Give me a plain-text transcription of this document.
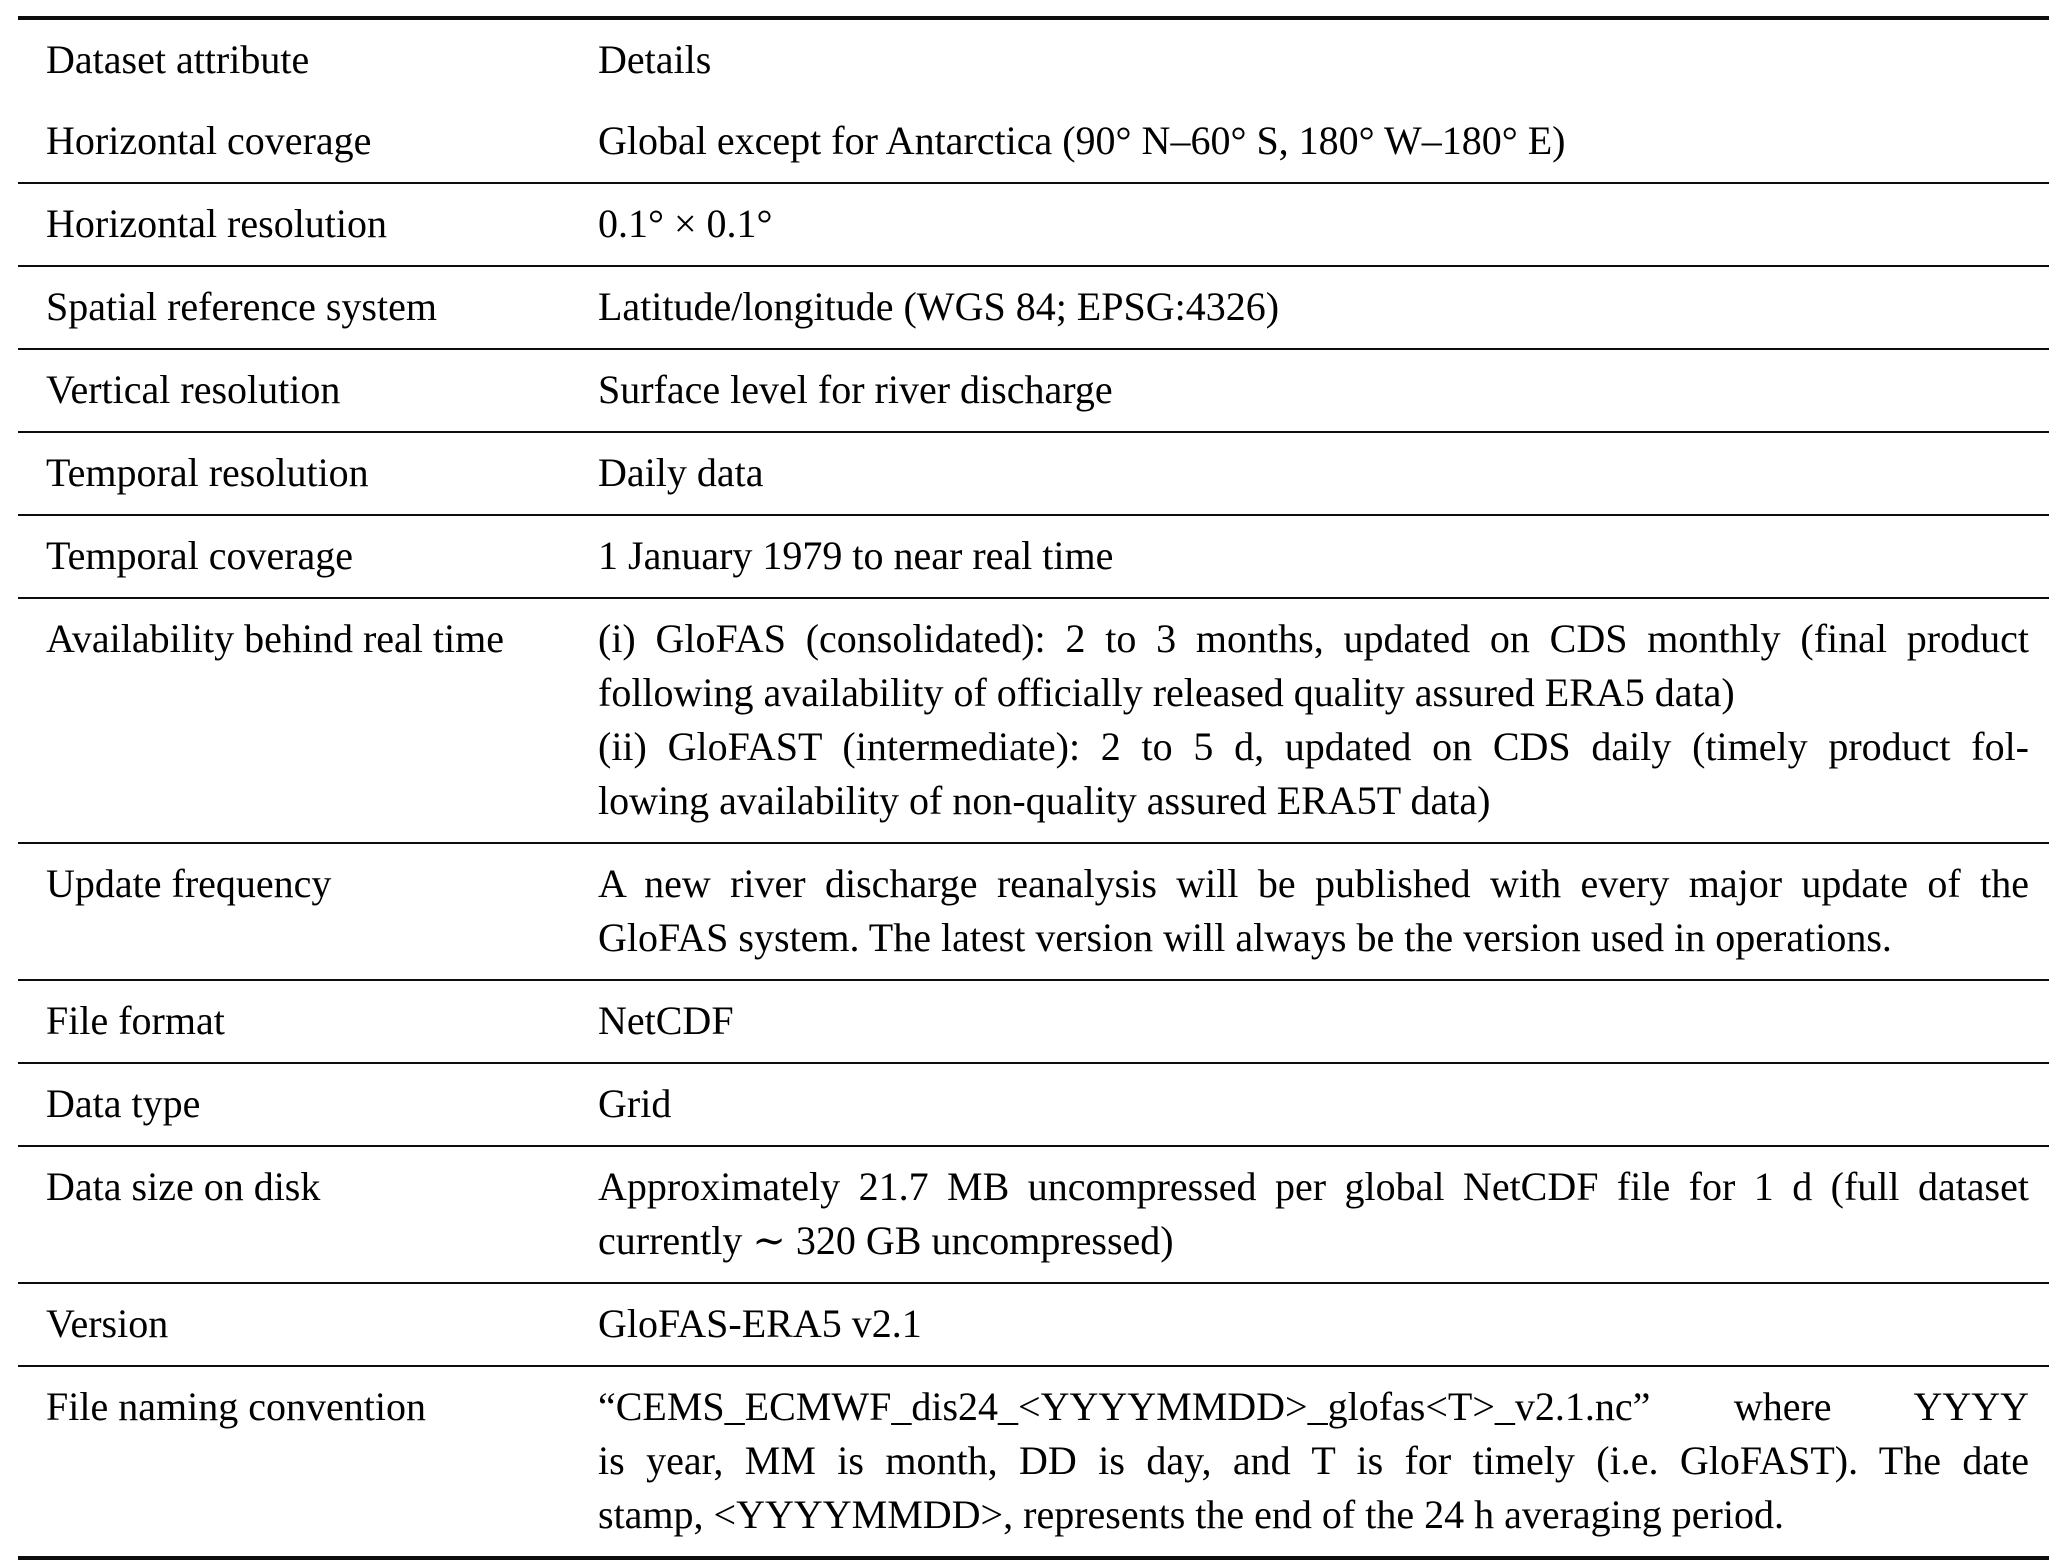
Dataset attribute	Details
Horizontal coverage	Global except for Antarctica (90° N–60° S, 180° W–180° E)
Horizontal resolution	0.1° × 0.1°
Spatial reference system	Latitude/longitude (WGS 84; EPSG:4326)
Vertical resolution	Surface level for river discharge
Temporal resolution	Daily data
Temporal coverage	1 January 1979 to near real time
Availability behind real time	(i) GloFAS (consolidated): 2 to 3 months, updated on CDS monthly (final product
following availability of officially released quality assured ERA5 data)
(ii) GloFAST (intermediate): 2 to 5 d, updated on CDS daily (timely product fol-
lowing availability of non-quality assured ERA5T data)
Update frequency	A new river discharge reanalysis will be published with every major update of the
GloFAS system. The latest version will always be the version used in operations.
File format	NetCDF
Data type	Grid
Data size on disk	Approximately 21.7 MB uncompressed per global NetCDF file for 1 d (full dataset
currently ∼ 320 GB uncompressed)
Version	GloFAS-ERA5 v2.1
File naming convention	“CEMS_ECMWF_dis24_<YYYYMMDD>_glofas<T>_v2.1.nc” where YYYY
is year, MM is month, DD is day, and T is for timely (i.e. GloFAST). The date
stamp, <YYYYMMDD>, represents the end of the 24 h averaging period.
